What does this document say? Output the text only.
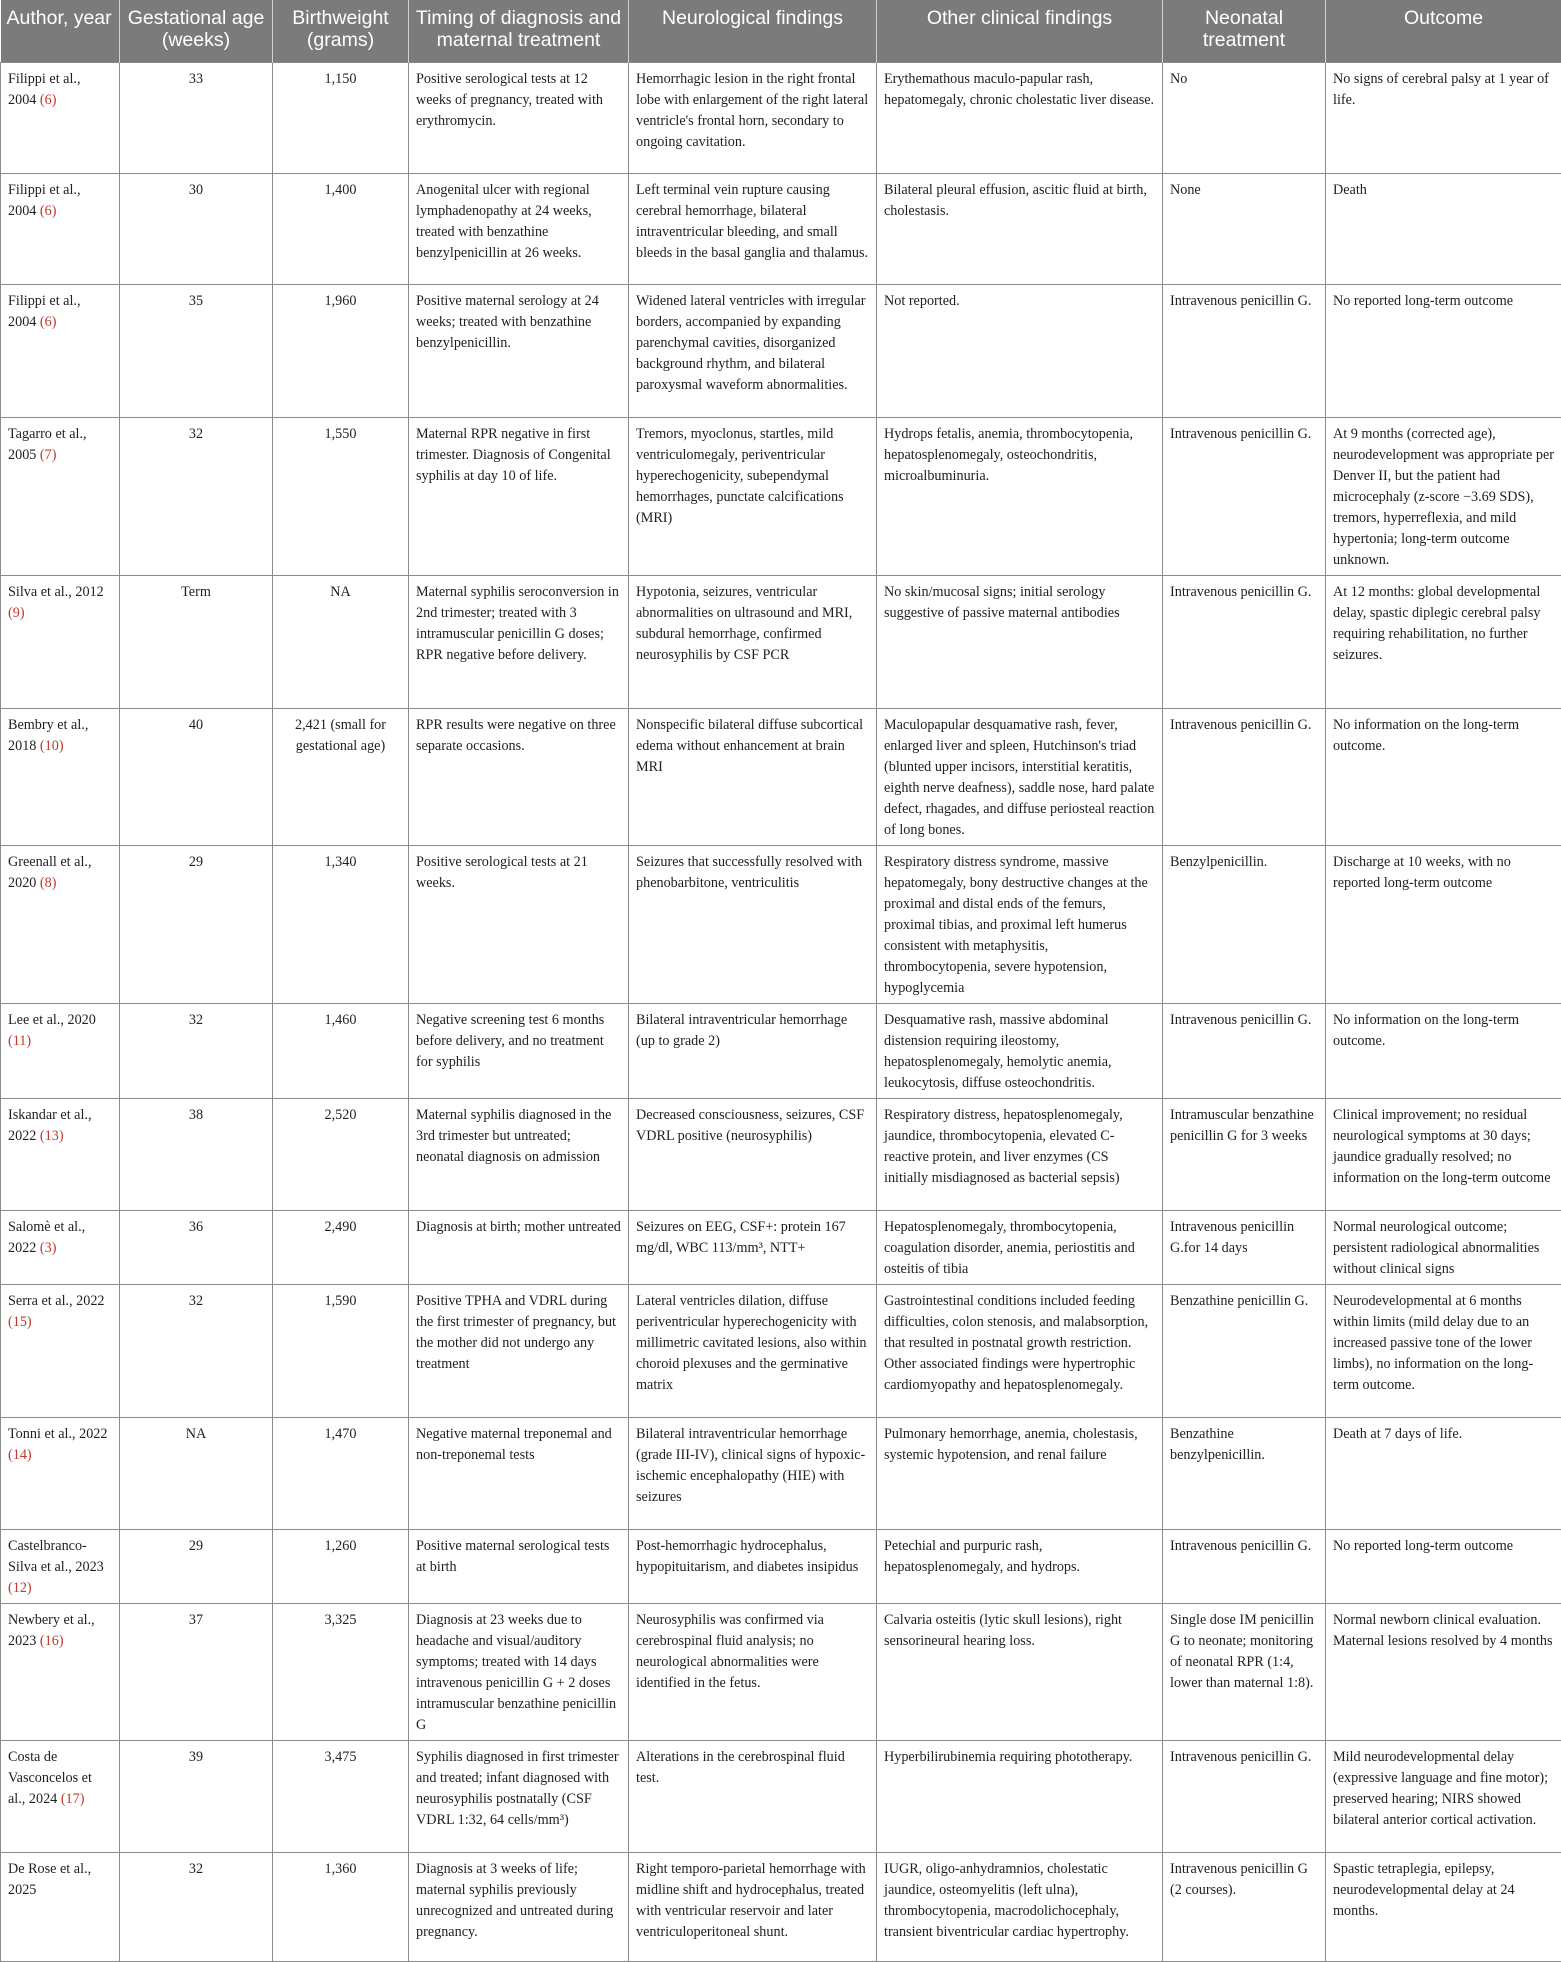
Author, year	Gestational age (weeks)	Birthweight (grams)	Timing of diagnosis and maternal treatment	Neurological findings	Other clinical findings	Neonatal treatment	Outcome
Filippi et al., 2004 (6)	33	1,150	Positive serological tests at 12 weeks of pregnancy, treated with erythromycin.	Hemorrhagic lesion in the right frontal lobe with enlargement of the right lateral ventricle's frontal horn, secondary to ongoing cavitation.	Erythemathous maculo-papular rash, hepatomegaly, chronic cholestatic liver disease.	No	No signs of cerebral palsy at 1 year of life.
Filippi et al., 2004 (6)	30	1,400	Anogenital ulcer with regional lymphadenopathy at 24 weeks, treated with benzathine benzylpenicillin at 26 weeks.	Left terminal vein rupture causing cerebral hemorrhage, bilateral intraventricular bleeding, and small bleeds in the basal ganglia and thalamus.	Bilateral pleural effusion, ascitic fluid at birth, cholestasis.	None	Death
Filippi et al., 2004 (6)	35	1,960	Positive maternal serology at 24 weeks; treated with benzathine benzylpenicillin.	Widened lateral ventricles with irregular borders, accompanied by expanding parenchymal cavities, disorganized background rhythm, and bilateral paroxysmal waveform abnormalities.	Not reported.	Intravenous penicillin G.	No reported long-term outcome
Tagarro et al., 2005 (7)	32	1,550	Maternal RPR negative in first trimester. Diagnosis of Congenital syphilis at day 10 of life.	Tremors, myoclonus, startles, mild ventriculomegaly, periventricular hyperechogenicity, subependymal hemorrhages, punctate calcifications (MRI)	Hydrops fetalis, anemia, thrombocytopenia, hepatosplenomegaly, osteochondritis, microalbuminuria.	Intravenous penicillin G.	At 9 months (corrected age), neurodevelopment was appropriate per Denver II, but the patient had microcephaly (z-score −3.69 SDS), tremors, hyperreflexia, and mild hypertonia; long-term outcome unknown.
Silva et al., 2012 (9)	Term	NA	Maternal syphilis seroconversion in 2nd trimester; treated with 3 intramuscular penicillin G doses; RPR negative before delivery.	Hypotonia, seizures, ventricular abnormalities on ultrasound and MRI, subdural hemorrhage, confirmed neurosyphilis by CSF PCR	No skin/mucosal signs; initial serology suggestive of passive maternal antibodies	Intravenous penicillin G.	At 12 months: global developmental delay, spastic diplegic cerebral palsy requiring rehabilitation, no further seizures.
Bembry et al., 2018 (10)	40	2,421 (small for gestational age)	RPR results were negative on three separate occasions.	Nonspecific bilateral diffuse subcortical edema without enhancement at brain MRI	Maculopapular desquamative rash, fever, enlarged liver and spleen, Hutchinson's triad (blunted upper incisors, interstitial keratitis, eighth nerve deafness), saddle nose, hard palate defect, rhagades, and diffuse periosteal reaction of long bones.	Intravenous penicillin G.	No information on the long-term outcome.
Greenall et al., 2020 (8)	29	1,340	Positive serological tests at 21 weeks.	Seizures that successfully resolved with phenobarbitone, ventriculitis	Respiratory distress syndrome, massive hepatomegaly, bony destructive changes at the proximal and distal ends of the femurs, proximal tibias, and proximal left humerus consistent with metaphysitis, thrombocytopenia, severe hypotension, hypoglycemia	Benzylpenicillin.	Discharge at 10 weeks, with no reported long-term outcome
Lee et al., 2020 (11)	32	1,460	Negative screening test 6 months before delivery, and no treatment for syphilis	Bilateral intraventricular hemorrhage (up to grade 2)	Desquamative rash, massive abdominal distension requiring ileostomy, hepatosplenomegaly, hemolytic anemia, leukocytosis, diffuse osteochondritis.	Intravenous penicillin G.	No information on the long-term outcome.
Iskandar et al., 2022 (13)	38	2,520	Maternal syphilis diagnosed in the 3rd trimester but untreated; neonatal diagnosis on admission	Decreased consciousness, seizures, CSF VDRL positive (neurosyphilis)	Respiratory distress, hepatosplenomegaly, jaundice, thrombocytopenia, elevated C-reactive protein, and liver enzymes (CS initially misdiagnosed as bacterial sepsis)	Intramuscular benzathine penicillin G for 3 weeks	Clinical improvement; no residual neurological symptoms at 30 days; jaundice gradually resolved; no information on the long-term outcome
Salomè et al., 2022 (3)	36	2,490	Diagnosis at birth; mother untreated	Seizures on EEG, CSF+: protein 167 mg/dl, WBC 113/mm³, NTT+	Hepatosplenomegaly, thrombocytopenia, coagulation disorder, anemia, periostitis and osteitis of tibia	Intravenous penicillin G.for 14 days	Normal neurological outcome; persistent radiological abnormalities without clinical signs
Serra et al., 2022 (15)	32	1,590	Positive TPHA and VDRL during the first trimester of pregnancy, but the mother did not undergo any treatment	Lateral ventricles dilation, diffuse periventricular hyperechogenicity with millimetric cavitated lesions, also within choroid plexuses and the germinative matrix	Gastrointestinal conditions included feeding difficulties, colon stenosis, and malabsorption, that resulted in postnatal growth restriction. Other associated findings were hypertrophic cardiomyopathy and hepatosplenomegaly.	Benzathine penicillin G.	Neurodevelopmental at 6 months within limits (mild delay due to an increased passive tone of the lower limbs), no information on the long-term outcome.
Tonni et al., 2022 (14)	NA	1,470	Negative maternal treponemal and non-treponemal tests	Bilateral intraventricular hemorrhage (grade III-IV), clinical signs of hypoxic-ischemic encephalopathy (HIE) with seizures	Pulmonary hemorrhage, anemia, cholestasis, systemic hypotension, and renal failure	Benzathine benzylpenicillin.	Death at 7 days of life.
Castelbranco-Silva et al., 2023 (12)	29	1,260	Positive maternal serological tests at birth	Post-hemorrhagic hydrocephalus, hypopituitarism, and diabetes insipidus	Petechial and purpuric rash, hepatosplenomegaly, and hydrops.	Intravenous penicillin G.	No reported long-term outcome
Newbery et al., 2023 (16)	37	3,325	Diagnosis at 23 weeks due to headache and visual/auditory symptoms; treated with 14 days intravenous penicillin G + 2 doses intramuscular benzathine penicillin G	Neurosyphilis was confirmed via cerebrospinal fluid analysis; no neurological abnormalities were identified in the fetus.	Calvaria osteitis (lytic skull lesions), right sensorineural hearing loss.	Single dose IM penicillin G to neonate; monitoring of neonatal RPR (1:4, lower than maternal 1:8).	Normal newborn clinical evaluation. Maternal lesions resolved by 4 months
Costa de Vasconcelos et al., 2024 (17)	39	3,475	Syphilis diagnosed in first trimester and treated; infant diagnosed with neurosyphilis postnatally (CSF VDRL 1:32, 64 cells/mm³)	Alterations in the cerebrospinal fluid test.	Hyperbilirubinemia requiring phototherapy.	Intravenous penicillin G.	Mild neurodevelopmental delay (expressive language and fine motor); preserved hearing; NIRS showed bilateral anterior cortical activation.
De Rose et al., 2025	32	1,360	Diagnosis at 3 weeks of life; maternal syphilis previously unrecognized and untreated during pregnancy.	Right temporo-parietal hemorrhage with midline shift and hydrocephalus, treated with ventricular reservoir and later ventriculoperitoneal shunt.	IUGR, oligo-anhydramnios, cholestatic jaundice, osteomyelitis (left ulna), thrombocytopenia, macrodolichocephaly, transient biventricular cardiac hypertrophy.	Intravenous penicillin G (2 courses).	Spastic tetraplegia, epilepsy, neurodevelopmental delay at 24 months.
